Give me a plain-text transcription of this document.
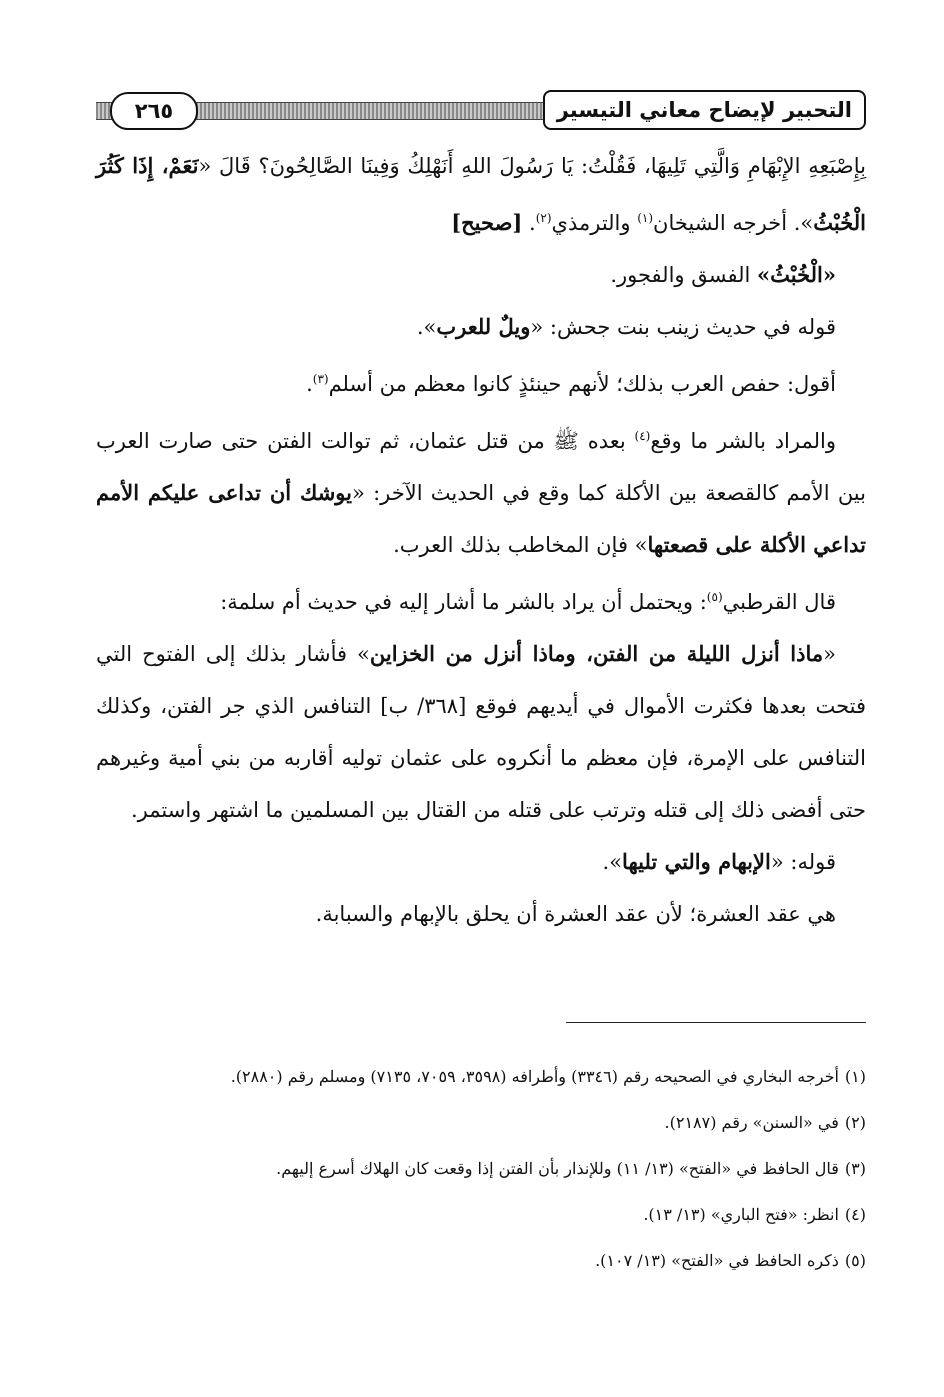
التحبير لإيضاح معاني التيسير
٢٦٥

بِإِصْبَعِهِ الإِبْهَامِ وَالَّتِي تَلِيهَا، فَقُلْتُ: يَا رَسُولَ اللهِ أَنَهْلِكُ وَفِينَا الصَّالِحُونَ؟ قَالَ «نَعَمْ، إِذَا كَثُرَ الْخُبْثُ». أخرجه الشيخان$^{(١)}$ والترمذي$^{(٢)}$. [صحيح]

«الْخُبْثُ» الفسق والفجور.

قوله في حديث زينب بنت جحش: «ويلٌ للعرب».

أقول: حفص العرب بذلك؛ لأنهم حينئذٍ كانوا معظم من أسلم$^{(٣)}$.

والمراد بالشر ما وقع$^{(٤)}$ بعده ﷺ من قتل عثمان، ثم توالت الفتن حتى صارت العرب بين الأمم كالقصعة بين الأكلة كما وقع في الحديث الآخر: «يوشك أن تداعى عليكم الأمم تداعي الأكلة على قصعتها» فإن المخاطب بذلك العرب.

قال القرطبي$^{(٥)}$: ويحتمل أن يراد بالشر ما أشار إليه في حديث أم سلمة:

«ماذا أنزل الليلة من الفتن، وماذا أنزل من الخزاين» فأشار بذلك إلى الفتوح التي فتحت بعدها فكثرت الأموال في أيديهم فوقع [٣٦٨/ ب] التنافس الذي جر الفتن، وكذلك التنافس على الإمرة، فإن معظم ما أنكروه على عثمان توليه أقاربه من بني أمية وغيرهم حتى أفضى ذلك إلى قتله وترتب على قتله من القتال بين المسلمين ما اشتهر واستمر.

قوله: «الإبهام والتي تليها».

هي عقد العشرة؛ لأن عقد العشرة أن يحلق بالإبهام والسبابة.

(١)أخرجه البخاري في الصحيحه رقم (٣٣٤٦) وأطرافه (٣٥٩٨، ٧٠٥٩، ٧١٣٥) ومسلم رقم (٢٨٨٠).

(٢)في «السنن» رقم (٢١٨٧).

(٣)قال الحافظ في «الفتح» (١٣/ ١١) وللإنذار بأن الفتن إذا وقعت كان الهلاك أسرع إليهم.

(٤)انظر: «فتح الباري» (١٣/ ١٣).

(٥)ذكره الحافظ في «الفتح» (١٣/ ١٠٧).
